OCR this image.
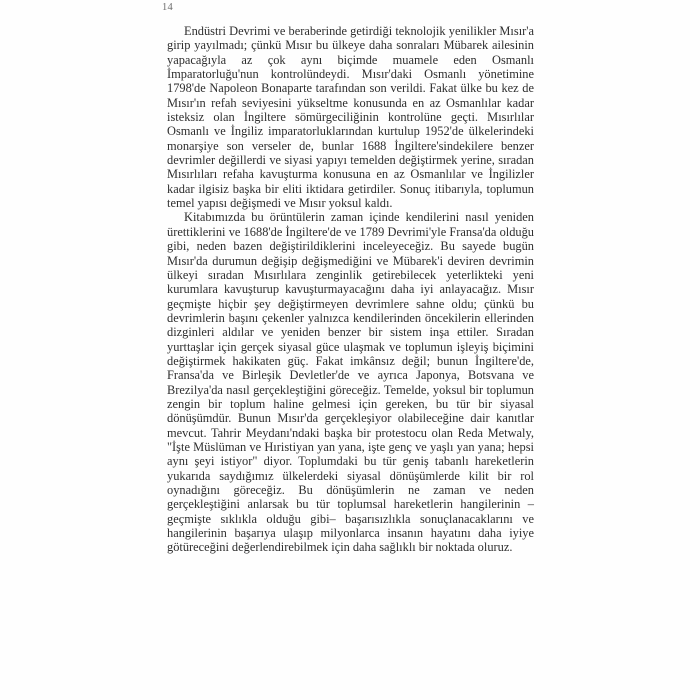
14

Endüstri Devrimi ve beraberinde getirdiği teknolojik yenilikler Mısır'a girip yayılmadı; çünkü Mısır bu ülkeye daha sonraları Mübarek ailesinin yapacağıyla az çok aynı biçimde muamele eden Osmanlı İmparatorluğu'nun kontrolündeydi. Mısır'daki Osmanlı yönetimine 1798'de Napoleon Bonaparte tarafından son verildi. Fakat ülke bu kez de Mısır'ın refah seviyesini yükseltme konusunda en az Osmanlılar kadar isteksiz olan İngiltere sömürgeciliğinin kontrolüne geçti. Mısırlılar Osmanlı ve İngiliz imparatorluklarından kurtulup 1952'de ülkelerindeki monarşiye son verseler de, bunlar 1688 İngiltere'sindekilere benzer devrimler değillerdi ve siyasi yapıyı temelden değiştirmek yerine, sıradan Mısırlıları refaha kavuşturma konusuna en az Osmanlılar ve İngilizler kadar ilgisiz başka bir eliti iktidara getirdiler. Sonuç itibarıyla, toplumun temel yapısı değişmedi ve Mısır yoksul kaldı.

Kitabımızda bu örüntülerin zaman içinde kendilerini nasıl yeniden ürettiklerini ve 1688'de İngiltere'de ve 1789 Devrimi'yle Fransa'da olduğu gibi, neden bazen değiştirildiklerini inceleyeceğiz. Bu sayede bugün Mısır'da durumun değişip değişmediğini ve Mübarek'i deviren devrimin ülkeyi sıradan Mısırlılara zenginlik getirebilecek yeterlikteki yeni kurumlara kavuşturup kavuşturmayacağını daha iyi anlayacağız. Mısır geçmişte hiçbir şey değiştirmeyen devrimlere sahne oldu; çünkü bu devrimlerin başını çekenler yalnızca kendilerinden öncekilerin ellerinden dizginleri aldılar ve yeniden benzer bir sistem inşa ettiler. Sıradan yurttaşlar için gerçek siyasal güce ulaşmak ve toplumun işleyiş biçimini değiştirmek hakikaten güç. Fakat imkânsız değil; bunun İngiltere'de, Fransa'da ve Birleşik Devletler'de ve ayrıca Japonya, Botsvana ve Brezilya'da nasıl gerçekleştiğini göreceğiz. Temelde, yoksul bir toplumun zengin bir toplum haline gelmesi için gereken, bu tür bir siyasal dönüşümdür. Bunun Mısır'da gerçekleşiyor olabileceğine dair kanıtlar mevcut. Tahrir Meydanı'ndaki başka bir protestocu olan Reda Metwaly, "İşte Müslüman ve Hıristiyan yan yana, işte genç ve yaşlı yan yana; hepsi aynı şeyi istiyor" diyor. Toplumdaki bu tür geniş tabanlı hareketlerin yukarıda saydığımız ülkelerdeki siyasal dönüşümlerde kilit bir rol oynadığını göreceğiz. Bu dönüşümlerin ne zaman ve neden gerçekleştiğini anlarsak bu tür toplumsal hareketlerin hangilerinin –geçmişte sıklıkla olduğu gibi– başarısızlıkla sonuçlanacaklarını ve hangilerinin başarıya ulaşıp milyonlarca insanın hayatını daha iyiye götüreceğini değerlendirebilmek için daha sağlıklı bir noktada oluruz.
